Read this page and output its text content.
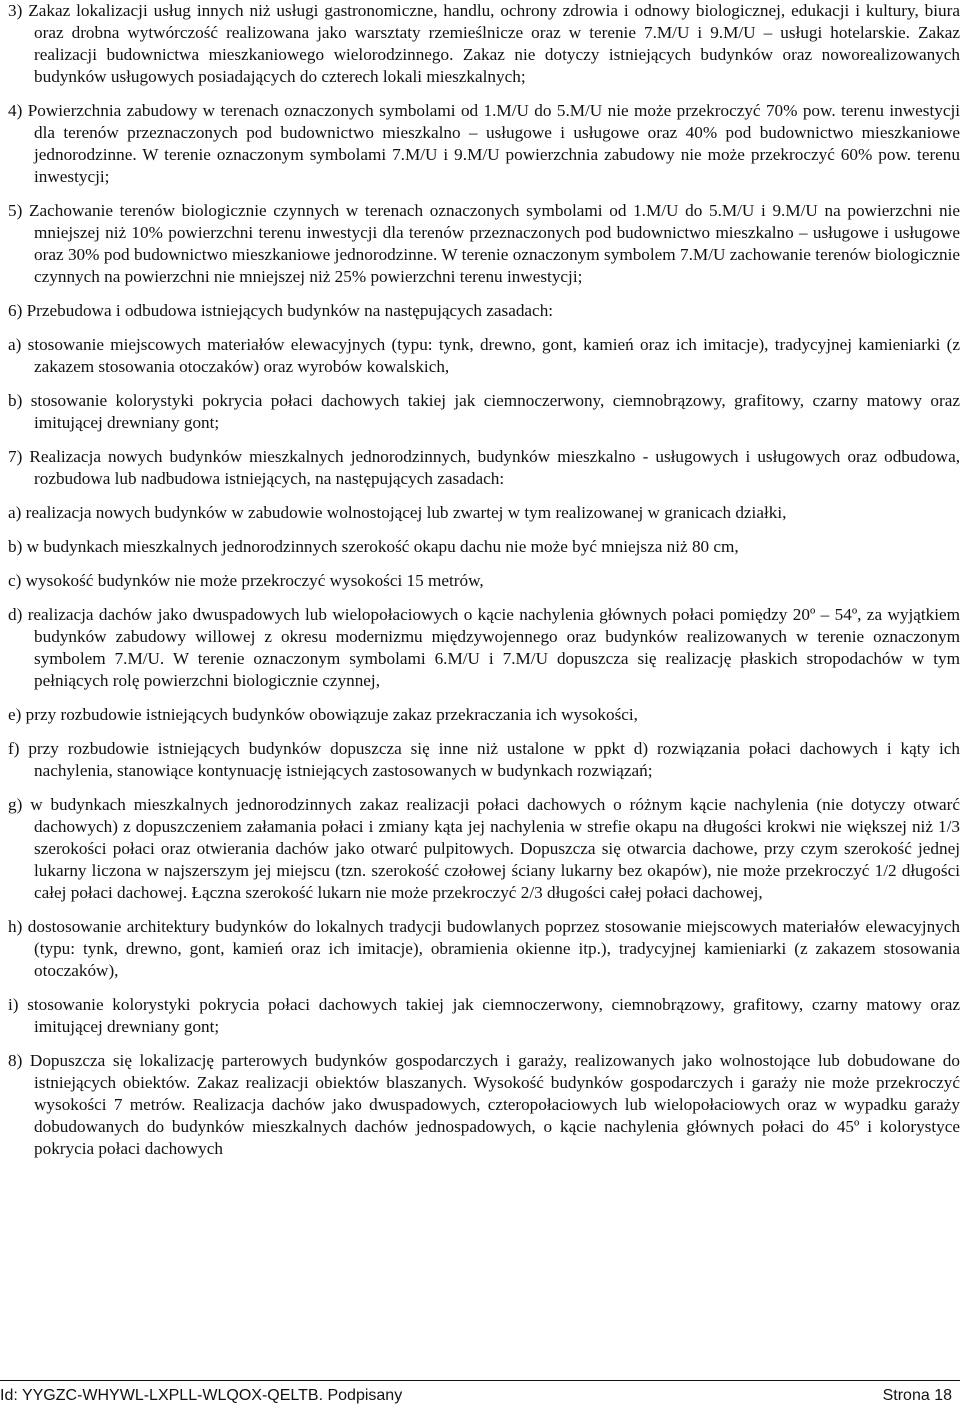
3) Zakaz lokalizacji usług innych niż usługi gastronomiczne, handlu, ochrony zdrowia i odnowy biologicznej, edukacji i kultury, biura oraz drobna wytwórczość realizowana jako warsztaty rzemieślnicze oraz w terenie 7.M/U i 9.M/U – usługi hotelarskie. Zakaz realizacji budownictwa mieszkaniowego wielorodzinnego. Zakaz nie dotyczy istniejących budynków oraz noworealizowanych budynków usługowych posiadających do czterech lokali mieszkalnych;

4) Powierzchnia zabudowy w terenach oznaczonych symbolami od 1.M/U do 5.M/U nie może przekroczyć 70% pow. terenu inwestycji dla terenów przeznaczonych pod budownictwo mieszkalno – usługowe i usługowe oraz 40% pod budownictwo mieszkaniowe jednorodzinne. W terenie oznaczonym symbolami 7.M/U i 9.M/U powierzchnia zabudowy nie może przekroczyć 60% pow. terenu inwestycji;

5) Zachowanie terenów biologicznie czynnych w terenach oznaczonych symbolami od 1.M/U do 5.M/U i 9.M/U na powierzchni nie mniejszej niż 10% powierzchni terenu inwestycji dla terenów przeznaczonych pod budownictwo mieszkalno – usługowe i usługowe oraz 30% pod budownictwo mieszkaniowe jednorodzinne. W terenie oznaczonym symbolem 7.M/U zachowanie terenów biologicznie czynnych na powierzchni nie mniejszej niż 25% powierzchni terenu inwestycji;

6) Przebudowa i odbudowa istniejących budynków na następujących zasadach:

a) stosowanie miejscowych materiałów elewacyjnych (typu: tynk, drewno, gont, kamień oraz ich imitacje), tradycyjnej kamieniarki (z zakazem stosowania otoczaków) oraz wyrobów kowalskich,

b) stosowanie kolorystyki pokrycia połaci dachowych takiej jak ciemnoczerwony, ciemnobrązowy, grafitowy, czarny matowy oraz imitującej drewniany gont;

7) Realizacja nowych budynków mieszkalnych jednorodzinnych, budynków mieszkalno - usługowych i usługowych oraz odbudowa, rozbudowa lub nadbudowa istniejących, na następujących zasadach:

a) realizacja nowych budynków w zabudowie wolnostojącej lub zwartej w tym realizowanej w granicach działki,

b) w budynkach mieszkalnych jednorodzinnych szerokość okapu dachu nie może być mniejsza niż 80 cm,

c) wysokość budynków nie może przekroczyć wysokości 15 metrów,

d) realizacja dachów jako dwuspadowych lub wielopołaciowych o kącie nachylenia głównych połaci pomiędzy 20º – 54º, za wyjątkiem budynków zabudowy willowej z okresu modernizmu międzywojennego oraz budynków realizowanych w terenie oznaczonym symbolem 7.M/U. W terenie oznaczonym symbolami 6.M/U i 7.M/U dopuszcza się realizację płaskich stropodachów w tym pełniących rolę powierzchni biologicznie czynnej,

e) przy rozbudowie istniejących budynków obowiązuje zakaz przekraczania ich wysokości,

f) przy rozbudowie istniejących budynków dopuszcza się inne niż ustalone w ppkt d) rozwiązania połaci dachowych i kąty ich nachylenia, stanowiące kontynuację istniejących zastosowanych w budynkach rozwiązań;

g) w budynkach mieszkalnych jednorodzinnych zakaz realizacji połaci dachowych o różnym kącie nachylenia (nie dotyczy otwarć dachowych) z dopuszczeniem załamania połaci i zmiany kąta jej nachylenia w strefie okapu na długości krokwi nie większej niż 1/3 szerokości połaci oraz otwierania dachów jako otwarć pulpitowych. Dopuszcza się otwarcia dachowe, przy czym szerokość jednej lukarny liczona w najszerszym jej miejscu (tzn. szerokość czołowej ściany lukarny bez okapów), nie może przekroczyć 1/2 długości całej połaci dachowej. Łączna szerokość lukarn nie może przekroczyć 2/3 długości całej połaci dachowej,

h) dostosowanie architektury budynków do lokalnych tradycji budowlanych poprzez stosowanie miejscowych materiałów elewacyjnych (typu: tynk, drewno, gont, kamień oraz ich imitacje), obramienia okienne itp.), tradycyjnej kamieniarki (z zakazem stosowania otoczaków),

i) stosowanie kolorystyki pokrycia połaci dachowych takiej jak ciemnoczerwony, ciemnobrązowy, grafitowy, czarny matowy oraz imitującej drewniany gont;

8) Dopuszcza się lokalizację parterowych budynków gospodarczych i garaży, realizowanych jako wolnostojące lub dobudowane do istniejących obiektów. Zakaz realizacji obiektów blaszanych. Wysokość budynków gospodarczych i garaży nie może przekroczyć wysokości 7 metrów. Realizacja dachów jako dwuspadowych, czteropołaciowych lub wielopołaciowych oraz w wypadku garaży dobudowanych do budynków mieszkalnych dachów jednospadowych, o kącie nachylenia głównych połaci do 45º i kolorystyce pokrycia połaci dachowych

Id: YYGZC-WHYWL-LXPLL-WLQOX-QELTB. Podpisany	Strona 18
